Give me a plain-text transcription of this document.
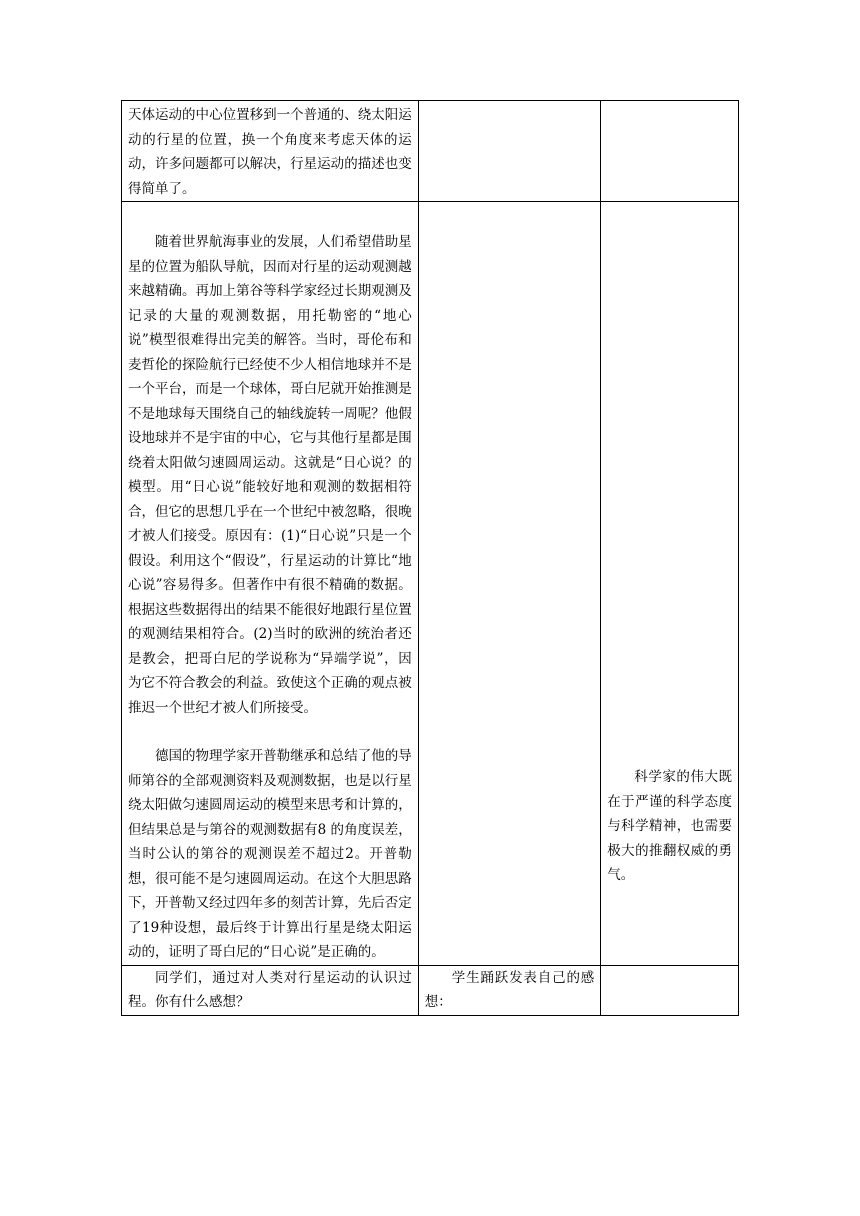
天体运动的中心位置移到一个普通的、绕太阳运动的行星的位置，换一个角度来考虑天体的运动，许多问题都可以解决，行星运动的描述也变得简单了。		

随着世界航海事业的发展，人们希望借助星星的位置为船队导航，因而对行星的运动观测越来越精确。再加上第谷等科学家经过长期观测及记录的大量的观测数据，用托勒密的“地心说”模型很难得出完美的解答。当时，哥伦布和麦哲伦的探险航行已经使不少人相信地球并不是一个平台，而是一个球体，哥白尼就开始推测是不是地球每天围绕自己的轴线旋转一周呢？他假设地球并不是宇宙的中心，它与其他行星都是围绕着太阳做匀速圆周运动。这就是“日心说？的模型。用“日心说”能较好地和观测的数据相符合，但它的思想几乎在一个世纪中被忽略，很晚才被人们接受。原因有：(1)“日心说”只是一个假设。利用这个“假设”，行星运动的计算比“地心说”容易得多。但著作中有很不精确的数据。根据这些数据得出的结果不能很好地跟行星位置的观测结果相符合。(2)当时的欧洲的统治者还是教会，把哥白尼的学说称为“异端学说”，因为它不符合教会的利益。致使这个正确的观点被推迟一个世纪才被人们所接受。

德国的物理学家开普勒继承和总结了他的导师第谷的全部观测资料及观测数据，也是以行星绕太阳做匀速圆周运动的模型来思考和计算的，但结果总是与第谷的观测数据有8 的角度误差，当时公认的第谷的观测误差不超过2。开普勒想，很可能不是匀速圆周运动。在这个大胆思路下，开普勒又经过四年多的刻苦计算，先后否定了19种设想，最后终于计算出行星是绕太阳运动的，证明了哥白尼的“日心说”是正确的。		科学家的伟大既在于严谨的科学态度与科学精神，也需要极大的推翻权威的勇气。

同学们，通过对人类对行星运动的认识过程。你有什么感想？	学生踊跃发表自己的感想：	
